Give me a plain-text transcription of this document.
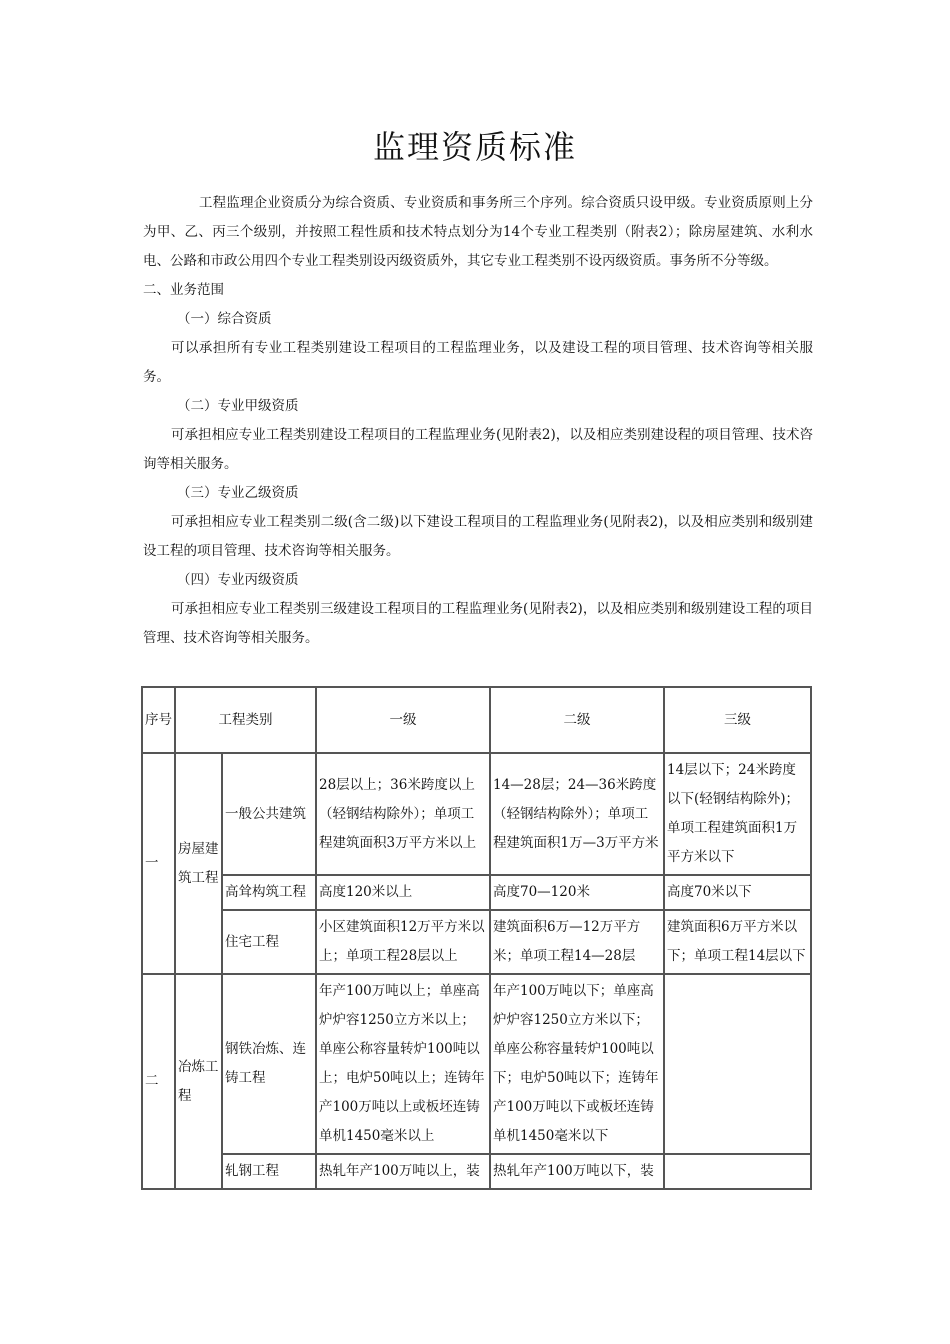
监理资质标准

工程监理企业资质分为综合资质、专业资质和事务所三个序列。综合资质只设甲级。专业资质原则上分为甲、乙、丙三个级别，并按照工程性质和技术特点划分为14个专业工程类别（附表2）；除房屋建筑、水利水电、公路和市政公用四个专业工程类别设丙级资质外，其它专业工程类别不设丙级资质。事务所不分等级。

二、业务范围

（一）综合资质

可以承担所有专业工程类别建设工程项目的工程监理业务，以及建设工程的项目管理、技术咨询等相关服务。

（二）专业甲级资质

可承担相应专业工程类别建设工程项目的工程监理业务(见附表2)，以及相应类别建设程的项目管理、技术咨询等相关服务。

（三）专业乙级资质

可承担相应专业工程类别二级(含二级)以下建设工程项目的工程监理业务(见附表2)，以及相应类别和级别建设工程的项目管理、技术咨询等相关服务。

（四）专业丙级资质

可承担相应专业工程类别三级建设工程项目的工程监理业务(见附表2)，以及相应类别和级别建设工程的项目管理、技术咨询等相关服务。

序号	工程类别		一级	二级	三级
一	房屋建筑工程	一般公共建筑	28层以上；36米跨度以上（轻钢结构除外）；单项工程建筑面积3万平方米以上	14—28层；24—36米跨度（轻钢结构除外）；单项工程建筑面积1万—3万平方米	14层以下；24米跨度以下(轻钢结构除外)；单项工程建筑面积1万平方米以下
		高耸构筑工程	高度120米以上	高度70—120米	高度70米以下
		住宅工程	小区建筑面积12万平方米以上；单项工程28层以上	建筑面积6万—12万平方米；单项工程14—28层	建筑面积6万平方米以下；单项工程14层以下
二	冶炼工程	钢铁冶炼、连铸工程	年产100万吨以上；单座高炉炉容1250立方米以上；单座公称容量转炉100吨以上；电炉50吨以上；连铸年产100万吨以上或板坯连铸单机1450毫米以上	年产100万吨以下；单座高炉炉容1250立方米以下；单座公称容量转炉100吨以下；电炉50吨以下；连铸年产100万吨以下或板坯连铸单机1450毫米以下	
		轧钢工程	热轧年产100万吨以上，装	热轧年产100万吨以下，装	
